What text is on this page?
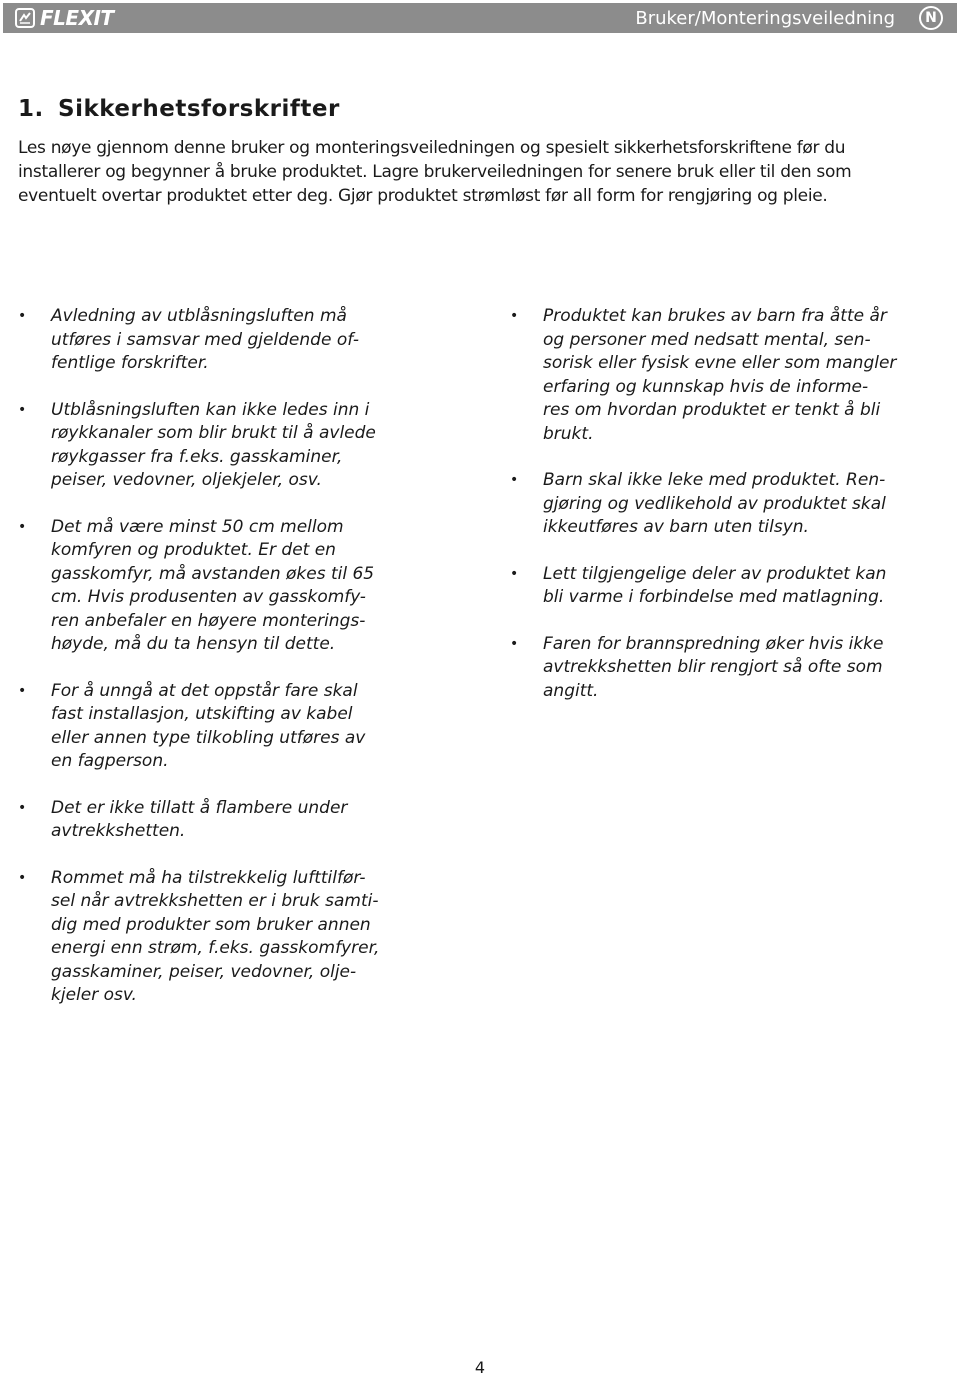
FLEXIT	Bruker/Monteringsveiledning	N
1. Sikkerhetsforskrifter
Les nøye gjennom denne bruker og monteringsveiledningen og spesielt sikkerhetsforskriftene før du
installerer og begynner å bruke produktet. Lagre brukerveiledningen for senere bruk eller til den som
eventuelt overtar produktet etter deg. Gjør produktet strømløst før all form for rengjøring og pleie.
• Avledning av utblåsningsluften må
utføres i samsvar med gjeldende of-
fentlige forskrifter.
• Utblåsningsluften kan ikke ledes inn i
røykkanaler som blir brukt til å avlede
røykgasser fra f.eks. gasskaminer,
peiser, vedovner, oljekjeler, osv.
• Det må være minst 50 cm mellom
komfyren og produktet. Er det en
gasskomfyr, må avstanden økes til 65
cm. Hvis produsenten av gasskomfy-
ren anbefaler en høyere monterings-
høyde, må du ta hensyn til dette.
• For å unngå at det oppstår fare skal
fast installasjon, utskifting av kabel
eller annen type tilkobling utføres av
en fagperson.
• Det er ikke tillatt å flambere under
avtrekkshetten.
• Rommet må ha tilstrekkelig lufttilfør-
sel når avtrekkshetten er i bruk samti-
dig med produkter som bruker annen
energi enn strøm, f.eks. gasskomfyrer,
gasskaminer, peiser, vedovner, olje-
kjeler osv.
• Produktet kan brukes av barn fra åtte år
og personer med nedsatt mental, sen-
sorisk eller fysisk evne eller som mangler
erfaring og kunnskap hvis de informe-
res om hvordan produktet er tenkt å bli
brukt.
• Barn skal ikke leke med produktet. Ren-
gjøring og vedlikehold av produktet skal
ikkeutføres av barn uten tilsyn.
• Lett tilgjengelige deler av produktet kan
bli varme i forbindelse med matlagning.
• Faren for brannspredning øker hvis ikke
avtrekkshetten blir rengjort så ofte som
angitt.
4
